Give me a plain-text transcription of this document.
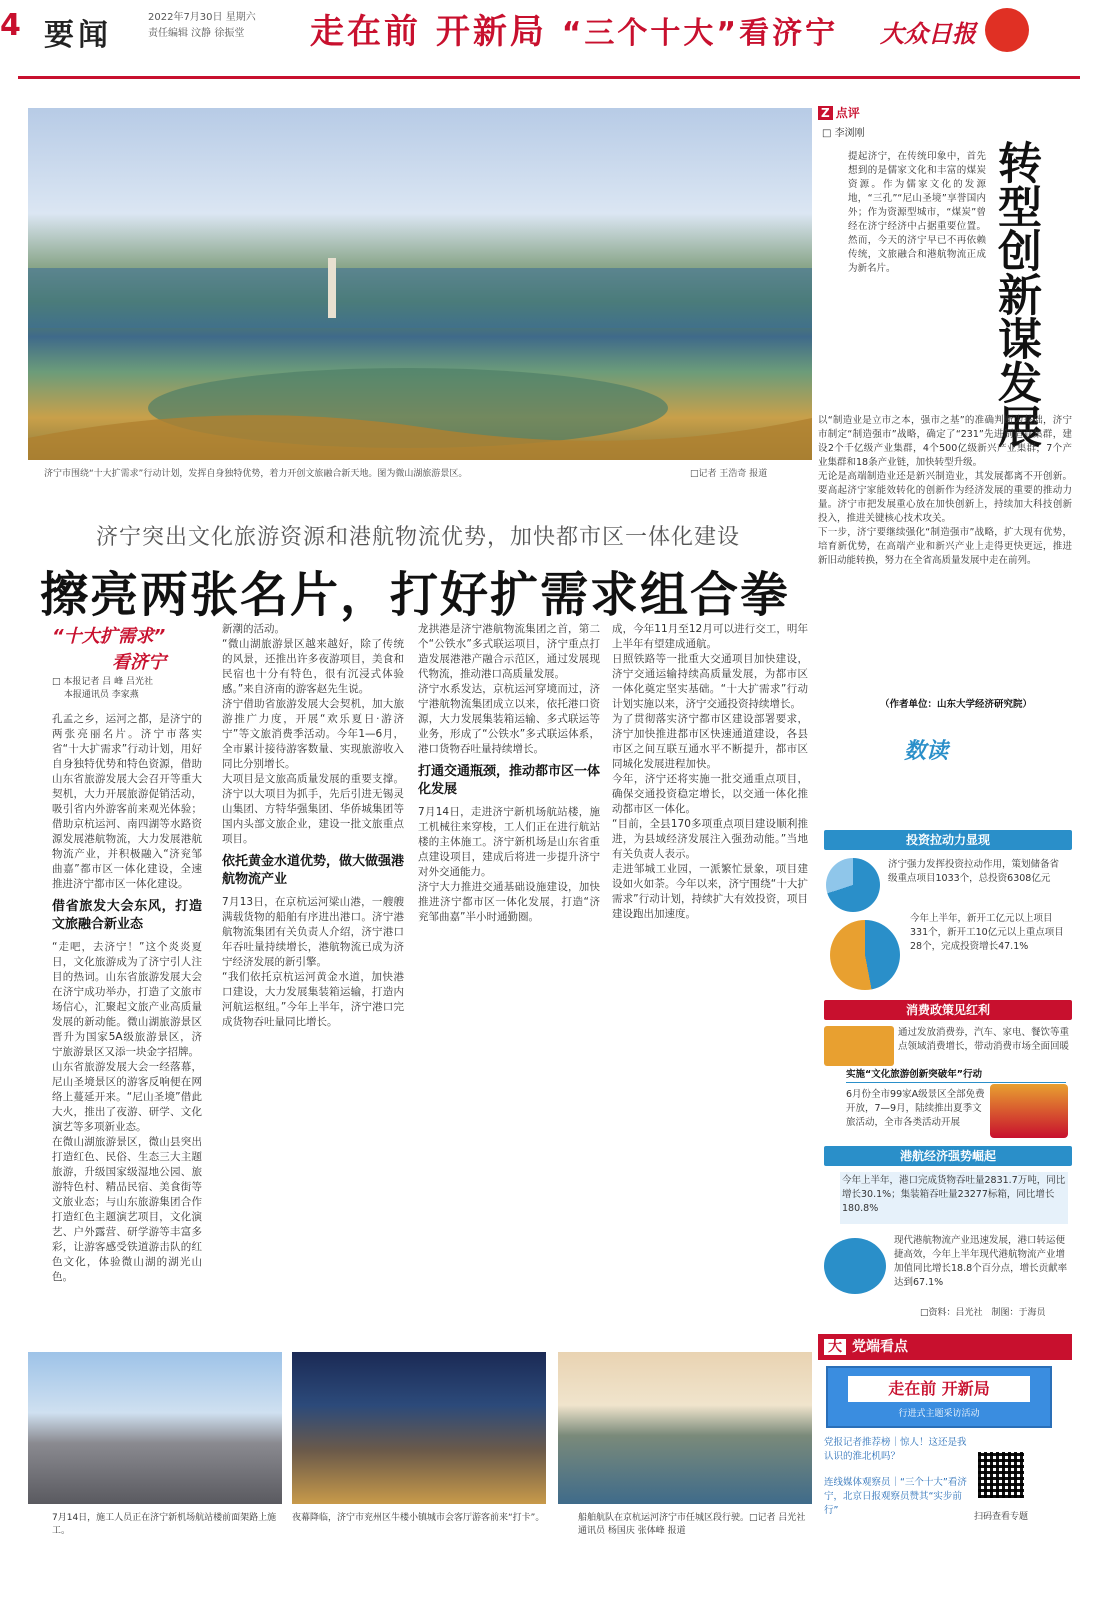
4 要闻
2022年7月30日 星期六
责任编辑 汶静 徐振堂	走在前 开新局 “三个十大”看济宁 大众日报
济宁市围绕“十大扩需求”行动计划，发挥自身独特优势，着力开创文旅融合新天地。图为微山湖旅游景区。	□记者 王浩奇 报道
济宁突出文化旅游资源和港航物流优势，加快都市区一体化建设
擦亮两张名片，打好扩需求组合拳
“十大扩需求”
看济宁
□ 本报记者 吕 峰 吕光社
　 本报通讯员 李家燕

孔孟之乡，运河之都，是济宁的两张亮丽名片。济宁市落实省“十大扩需求”行动计划，用好自身独特优势和特色资源，借助山东省旅游发展大会召开等重大契机，大力开展旅游促销活动，吸引省内外游客前来观光体验；借助京杭运河、南四湖等水路资源发展港航物流，大力发展港航物流产业，并积极融入“济兖邹曲嘉”都市区一体化建设，全速推进济宁都市区一体化建设。

借省旅发大会东风，打造文旅融合新业态

“走吧，去济宁！”这个炎炎夏日，文化旅游成为了济宁引人注目的热词。山东省旅游发展大会在济宁成功举办，打造了文旅市场信心，汇聚起文旅产业高质量发展的新动能。微山湖旅游景区晋升为国家5A级旅游景区，济宁旅游景区又添一块金字招牌。

山东省旅游发展大会一经落幕，尼山圣境景区的游客反响便在网络上蔓延开来。“尼山圣境”借此大火，推出了夜游、研学、文化演艺等多项新业态。

在微山湖旅游景区，微山县突出打造红色、民俗、生态三大主题旅游，升级国家级湿地公园、旅游特色村、精品民宿、美食街等文旅业态；与山东旅游集团合作打造红色主题演艺项目，文化演艺、户外露营、研学游等丰富多彩，让游客感受铁道游击队的红色文化，体验微山湖的湖光山色。

新潮的活动。

“微山湖旅游景区越来越好，除了传统的风景，还推出许多夜游项目，美食和民宿也十分有特色，很有沉浸式体验感。”来自济南的游客赵先生说。

济宁借助省旅游发展大会契机，加大旅游推广力度，开展“欢乐夏日·游济宁”等文旅消费季活动。今年1—6月，全市累计接待游客数量、实现旅游收入同比分别增长。

大项目是文旅高质量发展的重要支撑。济宁以大项目为抓手，先后引进无锡灵山集团、方特华强集团、华侨城集团等国内头部文旅企业，建设一批文旅重点项目。

依托黄金水道优势，做大做强港航物流产业

7月13日，在京杭运河梁山港，一艘艘满载货物的船舶有序进出港口。济宁港航物流集团有关负责人介绍，济宁港口年吞吐量持续增长，港航物流已成为济宁经济发展的新引擎。

“我们依托京杭运河黄金水道，加快港口建设，大力发展集装箱运输，打造内河航运枢纽。”今年上半年，济宁港口完成货物吞吐量同比增长。

龙拱港是济宁港航物流集团之首，第二个“公铁水”多式联运项目，济宁重点打造发展港港产融合示范区，通过发展现代物流，推动港口高质量发展。

济宁水系发达，京杭运河穿境而过，济宁港航物流集团成立以来，依托港口资源，大力发展集装箱运输、多式联运等业务，形成了“公铁水”多式联运体系，港口货物吞吐量持续增长。

打通交通瓶颈，推动都市区一体化发展

7月14日，走进济宁新机场航站楼，施工机械往来穿梭，工人们正在进行航站楼的主体施工。济宁新机场是山东省重点建设项目，建成后将进一步提升济宁对外交通能力。

济宁大力推进交通基础设施建设，加快推进济宁都市区一体化发展，打造“济兖邹曲嘉”半小时通勤圈。

成，今年11月至12月可以进行交工，明年上半年有望建成通航。

日照铁路等一批重大交通项目加快建设，济宁交通运输持续高质量发展，为都市区一体化奠定坚实基础。“十大扩需求”行动计划实施以来，济宁交通投资持续增长。

为了贯彻落实济宁都市区建设部署要求，济宁加快推进都市区快速通道建设，各县市区之间互联互通水平不断提升，都市区同城化发展进程加快。

今年，济宁还将实施一批交通重点项目，确保交通投资稳定增长，以交通一体化推动都市区一体化。

“目前，全县170多项重点项目建设顺利推进，为县域经济发展注入强劲动能。”当地有关负责人表示。

走进邹城工业园，一派繁忙景象，项目建设如火如荼。今年以来，济宁围绕“十大扩需求”行动计划，持续扩大有效投资，项目建设跑出加速度。

7月14日，施工人员正在济宁新机场航站楼前面架路上施工。
夜幕降临，济宁市兖州区牛楼小镇城市会客厅游客前来“打卡”。	船舶航队在京杭运河济宁市任城区段行驶。□记者 吕光社 通讯员 杨国庆 张体峰 报道
Z 点评
□ 李浏刚
转型创新谋发展

提起济宁，在传统印象中，首先想到的是儒家文化和丰富的煤炭资源。作为儒家文化的发源地，“三孔”“尼山圣境”享誉国内外；作为资源型城市，“煤炭”曾经在济宁经济中占据重要位置。然而，今天的济宁早已不再依赖传统，文旅融合和港航物流正成为新名片。

以“制造业是立市之本，强市之基”的准确判断为基础，济宁市制定“制造强市”战略，确定了“231”先进制造业集群，建设2个千亿级产业集群，4个500亿级新兴产业集群，7个产业集群和18条产业链，加快转型升级。

无论是高端制造业还是新兴制造业，其发展都离不开创新。要高起济宁家能效转化的创新作为经济发展的重要的推动力量。济宁市把发展重心放在加快创新上，持续加大科技创新投入，推进关键核心技术攻关。

下一步，济宁要继续强化“制造强市”战略，扩大现有优势，培育新优势，在高端产业和新兴产业上走得更快更远，推进新旧动能转换，努力在全省高质量发展中走在前列。

（作者单位：山东大学经济研究院）
数读
投资拉动力显现
济宁强力发挥投资拉动作用，策划储备省级重点项目1033个，总投资6308亿元
今年上半年，新开工亿元以上项目331个，新开工10亿元以上重点项目28个，完成投资增长47.1%
消费政策见红利
通过发放消费券，汽车、家电、餐饮等重点领域消费增长，带动消费市场全面回暖
实施“文化旅游创新突破年”行动
6月份全市99家A级景区全部免费开放，7—9月，陆续推出夏季文旅活动，全市各类活动开展
港航经济强势崛起
今年上半年，港口完成货物吞吐量2831.7万吨，同比增长30.1%；集装箱吞吐量23277标箱，同比增长180.8%
现代港航物流产业迅速发展，港口转运便捷高效，今年上半年现代港航物流产业增加值同比增长18.8个百分点，增长贡献率达到67.1%
□资料：吕光社　制图：于海员
大 党端看点
走在前 开新局
行进式主题采访活动
党报记者推荐榜｜惊人！这还是我认识的淮北机吗？
连线媒体观察员｜“三个十大”看济宁，北京日报观察员赞其“实步前行”
扫码查看专题
